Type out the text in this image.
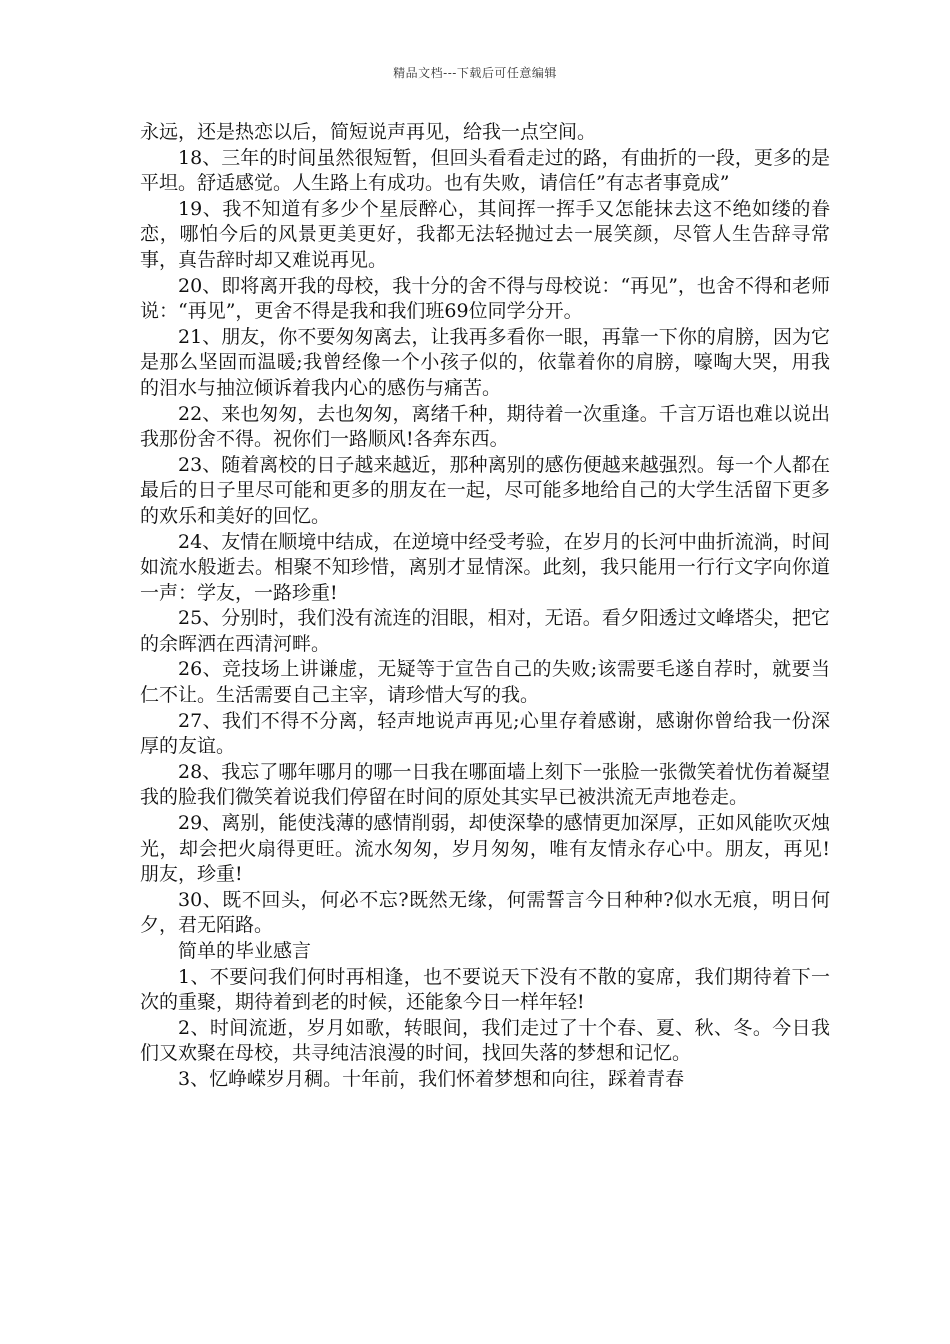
精品文档---下载后可任意编辑

永远，还是热恋以后，简短说声再见，给我一点空间。

18、三年的时间虽然很短暂，但回头看看走过的路，有曲折的一段，更多的是平坦。舒适感觉。人生路上有成功。也有失败，请信任”有志者事竟成”

19、我不知道有多少个星辰醉心，其间挥一挥手又怎能抹去这不绝如缕的眷恋，哪怕今后的风景更美更好，我都无法轻抛过去一展笑颜，尽管人生告辞寻常事，真告辞时却又难说再见。

20、即将离开我的母校，我十分的舍不得与母校说：“再见”，也舍不得和老师说：“再见”，更舍不得是我和我们班69位同学分开。

21、朋友，你不要匆匆离去，让我再多看你一眼，再靠一下你的肩膀，因为它是那么坚固而温暖;我曾经像一个小孩子似的，依靠着你的肩膀，嚎啕大哭，用我的泪水与抽泣倾诉着我内心的感伤与痛苦。

22、来也匆匆，去也匆匆，离绪千种，期待着一次重逢。千言万语也难以说出我那份舍不得。祝你们一路顺风!各奔东西。

23、随着离校的日子越来越近，那种离别的感伤便越来越强烈。每一个人都在最后的日子里尽可能和更多的朋友在一起，尽可能多地给自己的大学生活留下更多的欢乐和美好的回忆。

24、友情在顺境中结成，在逆境中经受考验，在岁月的长河中曲折流淌，时间如流水般逝去。相聚不知珍惜，离别才显情深。此刻，我只能用一行行文字向你道一声：学友，一路珍重!

25、分别时，我们没有流连的泪眼，相对，无语。看夕阳透过文峰塔尖，把它的余晖洒在西清河畔。

26、竞技场上讲谦虚，无疑等于宣告自己的失败;该需要毛遂自荐时，就要当仁不让。生活需要自己主宰，请珍惜大写的我。

27、我们不得不分离，轻声地说声再见;心里存着感谢，感谢你曾给我一份深厚的友谊。

28、我忘了哪年哪月的哪一日我在哪面墙上刻下一张脸一张微笑着忧伤着凝望我的脸我们微笑着说我们停留在时间的原处其实早已被洪流无声地卷走。

29、离别，能使浅薄的感情削弱，却使深挚的感情更加深厚，正如风能吹灭烛光，却会把火扇得更旺。流水匆匆，岁月匆匆，唯有友情永存心中。朋友，再见!朋友，珍重!

30、既不回头，何必不忘?既然无缘，何需誓言今日种种?似水无痕，明日何夕，君无陌路。

简单的毕业感言

1、不要问我们何时再相逢，也不要说天下没有不散的宴席，我们期待着下一次的重聚，期待着到老的时候，还能象今日一样年轻!

2、时间流逝，岁月如歌，转眼间，我们走过了十个春、夏、秋、冬。今日我们又欢聚在母校，共寻纯洁浪漫的时间，找回失落的梦想和记忆。

3、忆峥嵘岁月稠。十年前，我们怀着梦想和向往，踩着青春
